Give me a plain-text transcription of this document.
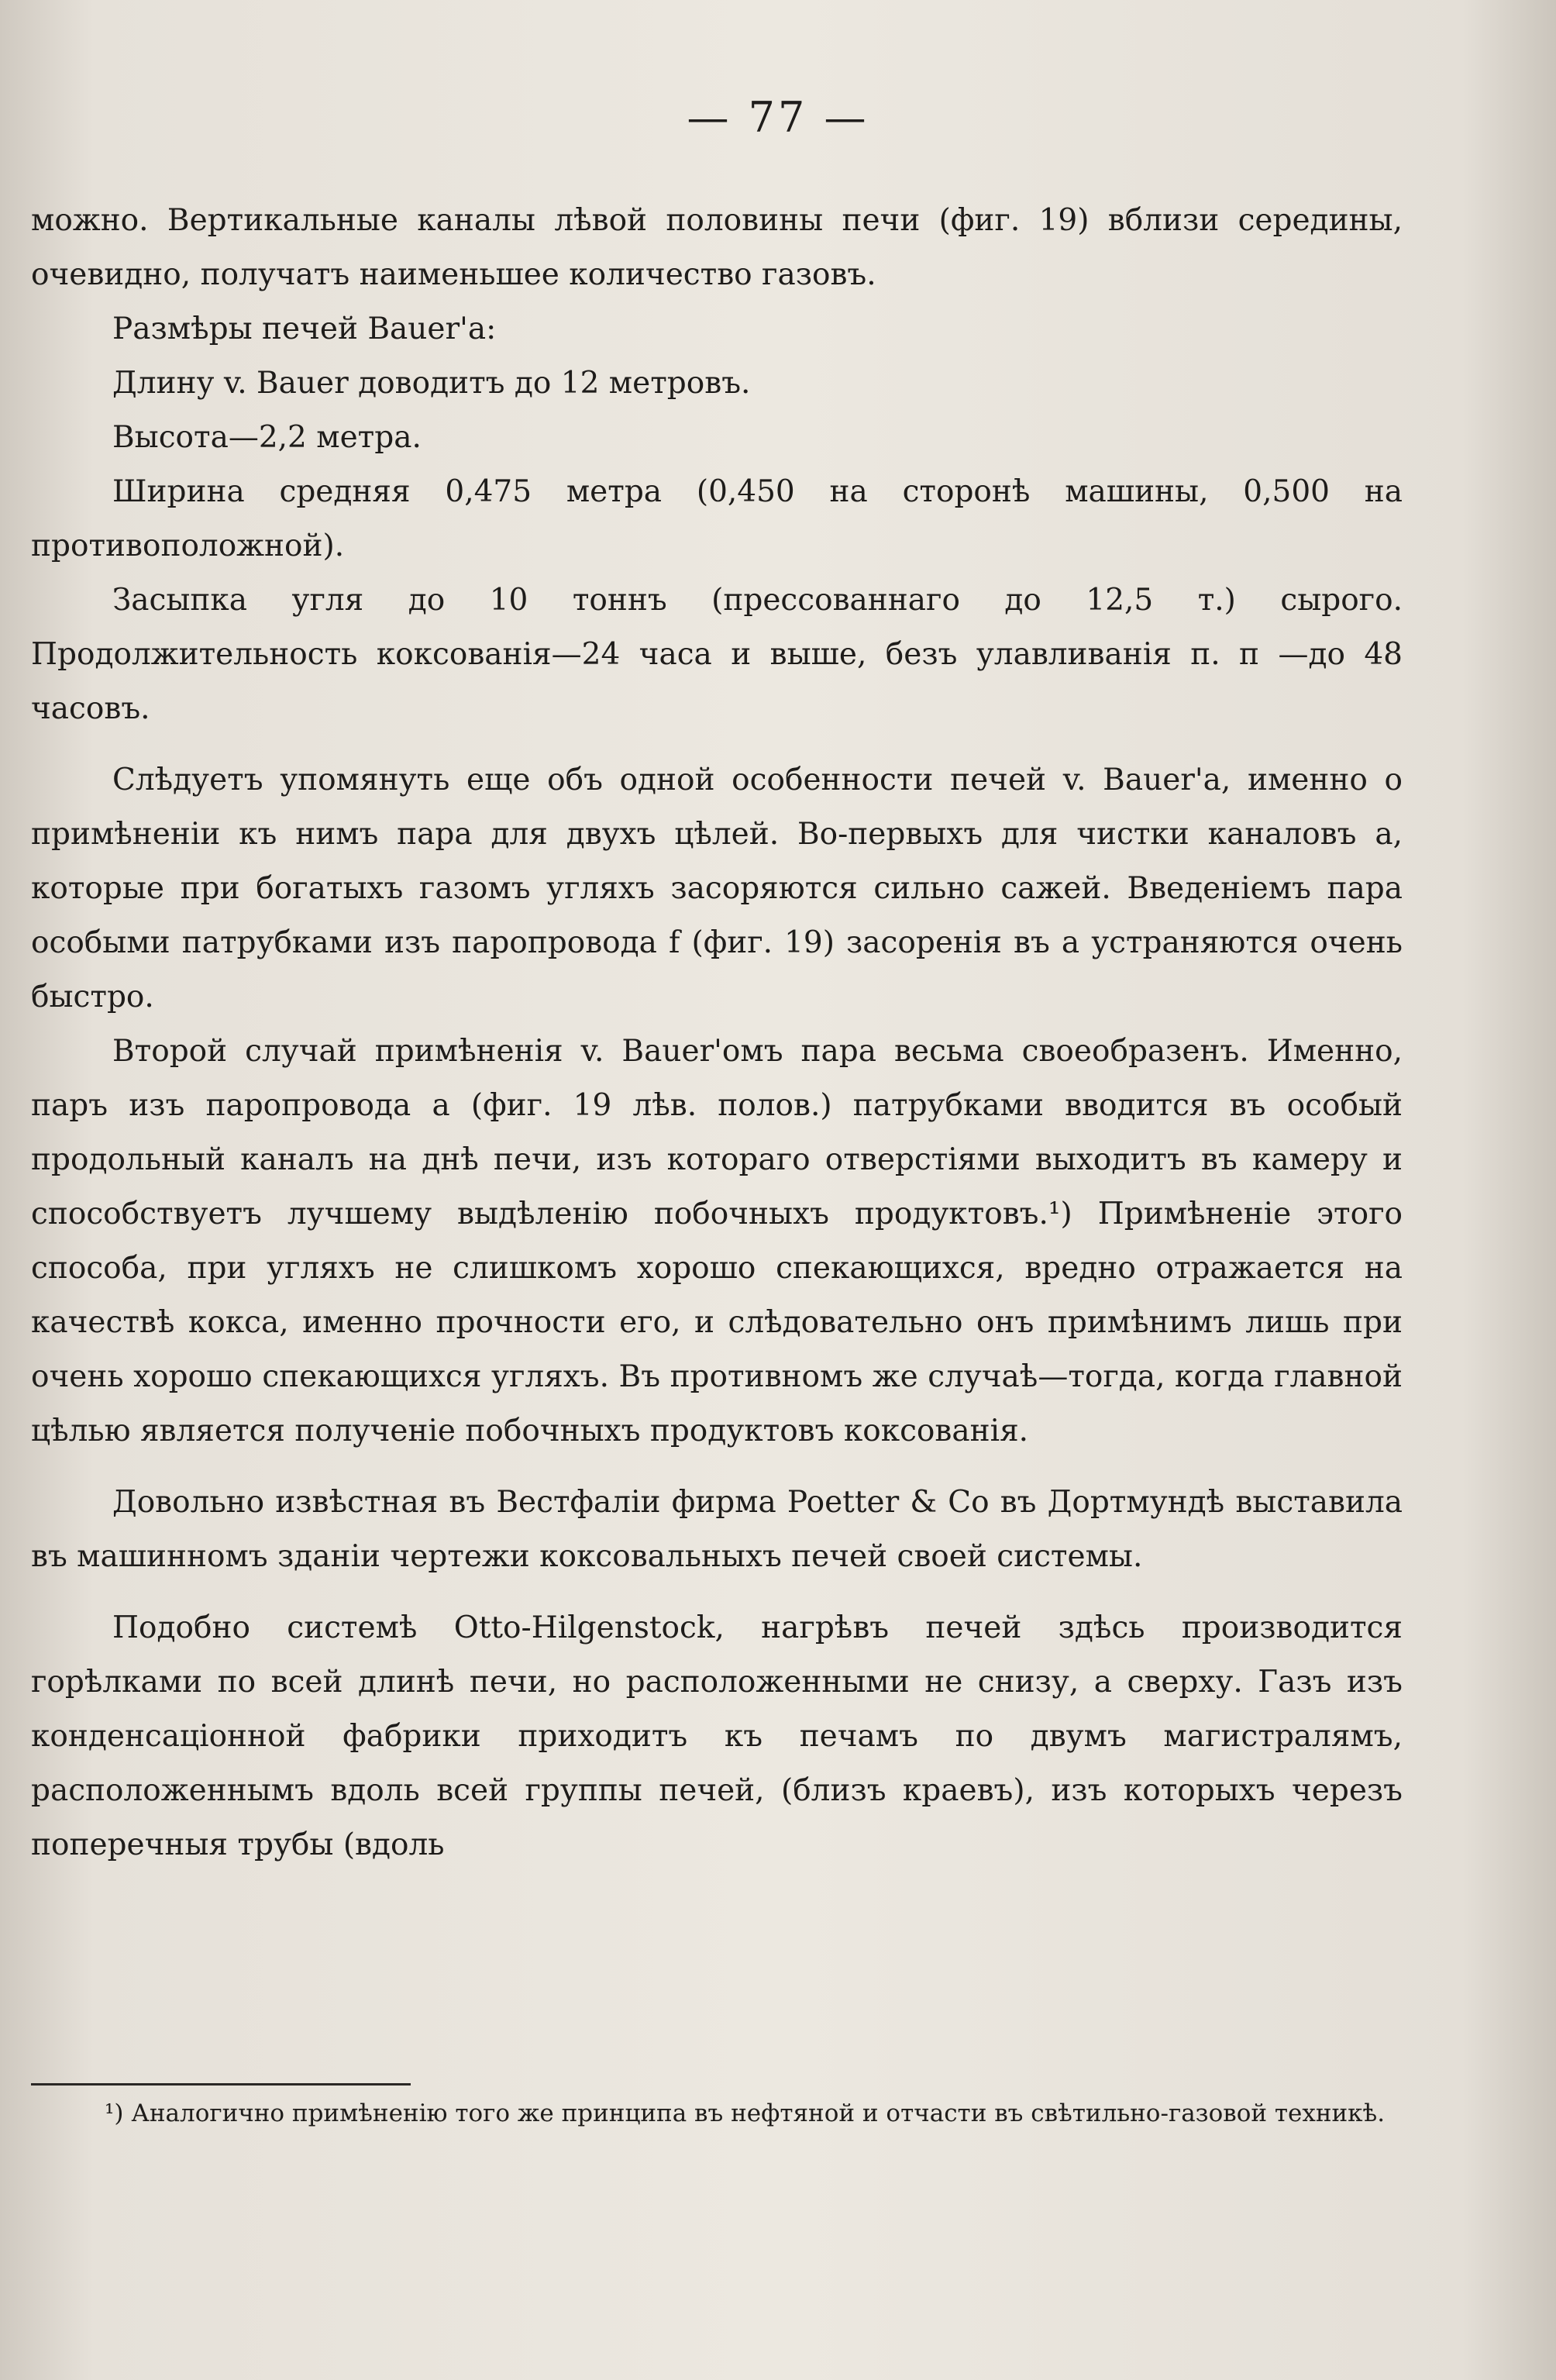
— 77 —

можно. Вертикальные каналы лѣвой половины печи (фиг. 19) вблизи середины, очевидно, получатъ наименьшее количество газовъ.

Размѣры печей Bauer'а:

Длину v. Bauer доводитъ до 12 метровъ.

Высота—2,2 метра.

Ширина средняя 0,475 метра (0,450 на сторонѣ машины, 0,500 на противоположной).

Засыпка угля до 10 тоннъ (прессованнаго до 12,5 т.) сырого. Продолжительность коксованія—24 часа и выше, безъ улавливанія п. п —до 48 часовъ.

Слѣдуетъ упомянуть еще объ одной особенности печей v. Bauer'а, именно о примѣненіи къ нимъ пара для двухъ цѣлей. Во-первыхъ для чистки каналовъ a, которые при богатыхъ газомъ угляхъ засоряются сильно сажей. Введеніемъ пара особыми патрубками изъ паропровода f (фиг. 19) засоренія въ a устраняются очень быстро.

Второй случай примѣненія v. Bauer'омъ пара весьма своеобразенъ. Именно, паръ изъ паропровода a (фиг. 19 лѣв. полов.) патрубками вводится въ особый продольный каналъ на днѣ печи, изъ котораго отверстіями выходитъ въ камеру и способствуетъ лучшему выдѣленію побочныхъ продуктовъ.¹) Примѣненіе этого способа, при угляхъ не слишкомъ хорошо спекающихся, вредно отражается на качествѣ кокса, именно прочности его, и слѣдовательно онъ примѣнимъ лишь при очень хорошо спекающихся угляхъ. Въ противномъ же случаѣ—тогда, когда главной цѣлью является полученіе побочныхъ продуктовъ коксованія.

Довольно извѣстная въ Вестфаліи фирма Poetter & Co въ Дортмундѣ выставила въ машинномъ зданіи чертежи коксовальныхъ печей своей системы.

Подобно системѣ Otto-Hilgenstock, нагрѣвъ печей здѣсь производится горѣлками по всей длинѣ печи, но расположенными не снизу, а сверху. Газъ изъ конденсаціонной фабрики приходитъ къ печамъ по двумъ магистралямъ, расположеннымъ вдоль всей группы печей, (близъ краевъ), изъ которыхъ черезъ поперечныя трубы (вдоль

¹) Аналогично примѣненію того же принципа въ нефтяной и отчасти въ свѣтильно-газовой техникѣ.
